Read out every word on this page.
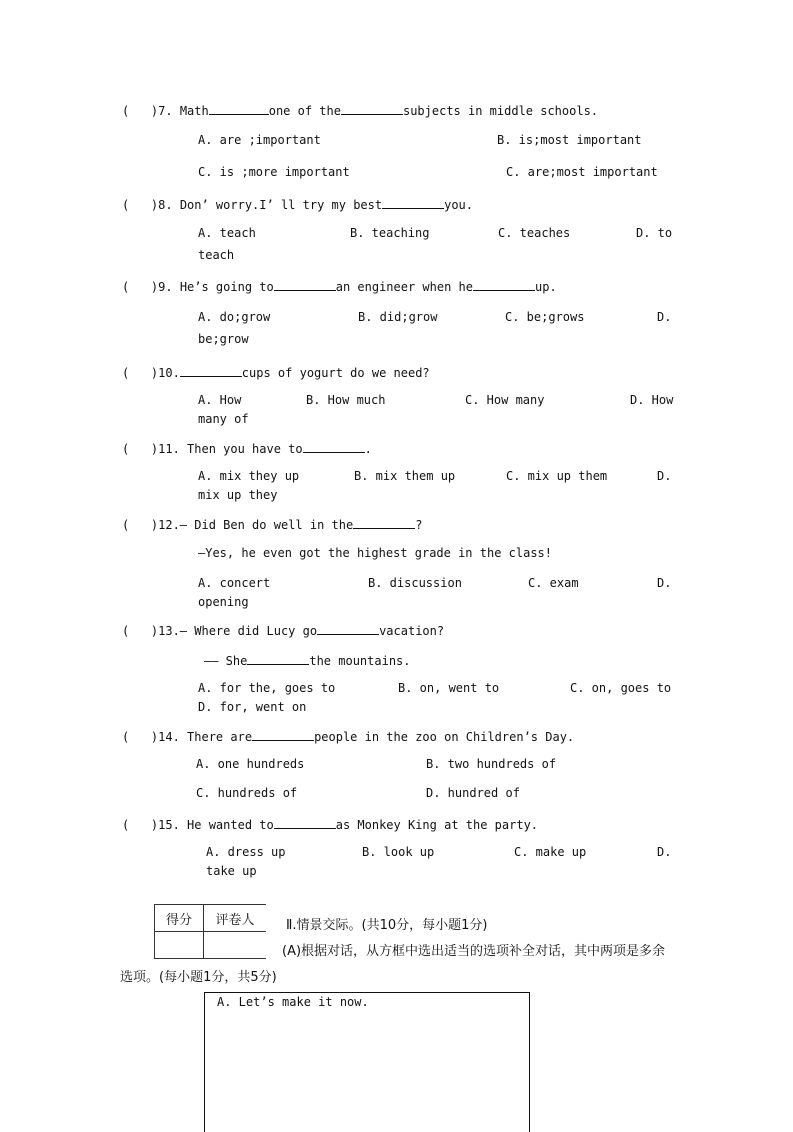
(   )7. Math	one of the	subjects in middle schools.
A. are ;important	B. is;most important
C. is ;more important	C. are;most important
(   )8. Don’ worry.I’ ll try my best	you.
A. teach	B. teaching	C. teaches	D. to
teach
(   )9. He’s going to	an engineer when he	up.
A. do;grow	B. did;grow	C. be;grows	D.
be;grow
(   )10.	cups of yogurt do we need?
A. How	B. How much	C. How many	D. How
many of
(   )11. Then you have to	.
A. mix they up	B. mix them up	C. mix up them	D.
mix up they
(   )12.— Did Ben do well in the	?
—Yes, he even got the highest grade in the class!
A. concert	B. discussion	C. exam	D.
opening
(   )13.— Where did Lucy go	vacation?
—— She	the mountains.
A. for the, goes to	B. on, went to	C. on, goes to
D. for, went on
(   )14. There are	people in the zoo on Children’s Day.
A. one hundreds	B. two hundreds of
C. hundreds of	D. hundred of
(   )15. He wanted to	as Monkey King at the party.
A. dress up	B. look up	C. make up	D.
take up
得分	评卷人
	Ⅱ.情景交际。(共10分，每小题1分)
(A)根据对话，从方框中选出适当的选项补全对话，其中两项是多余
选项。(每小题1分，共5分)
A. Let’s make it now.
